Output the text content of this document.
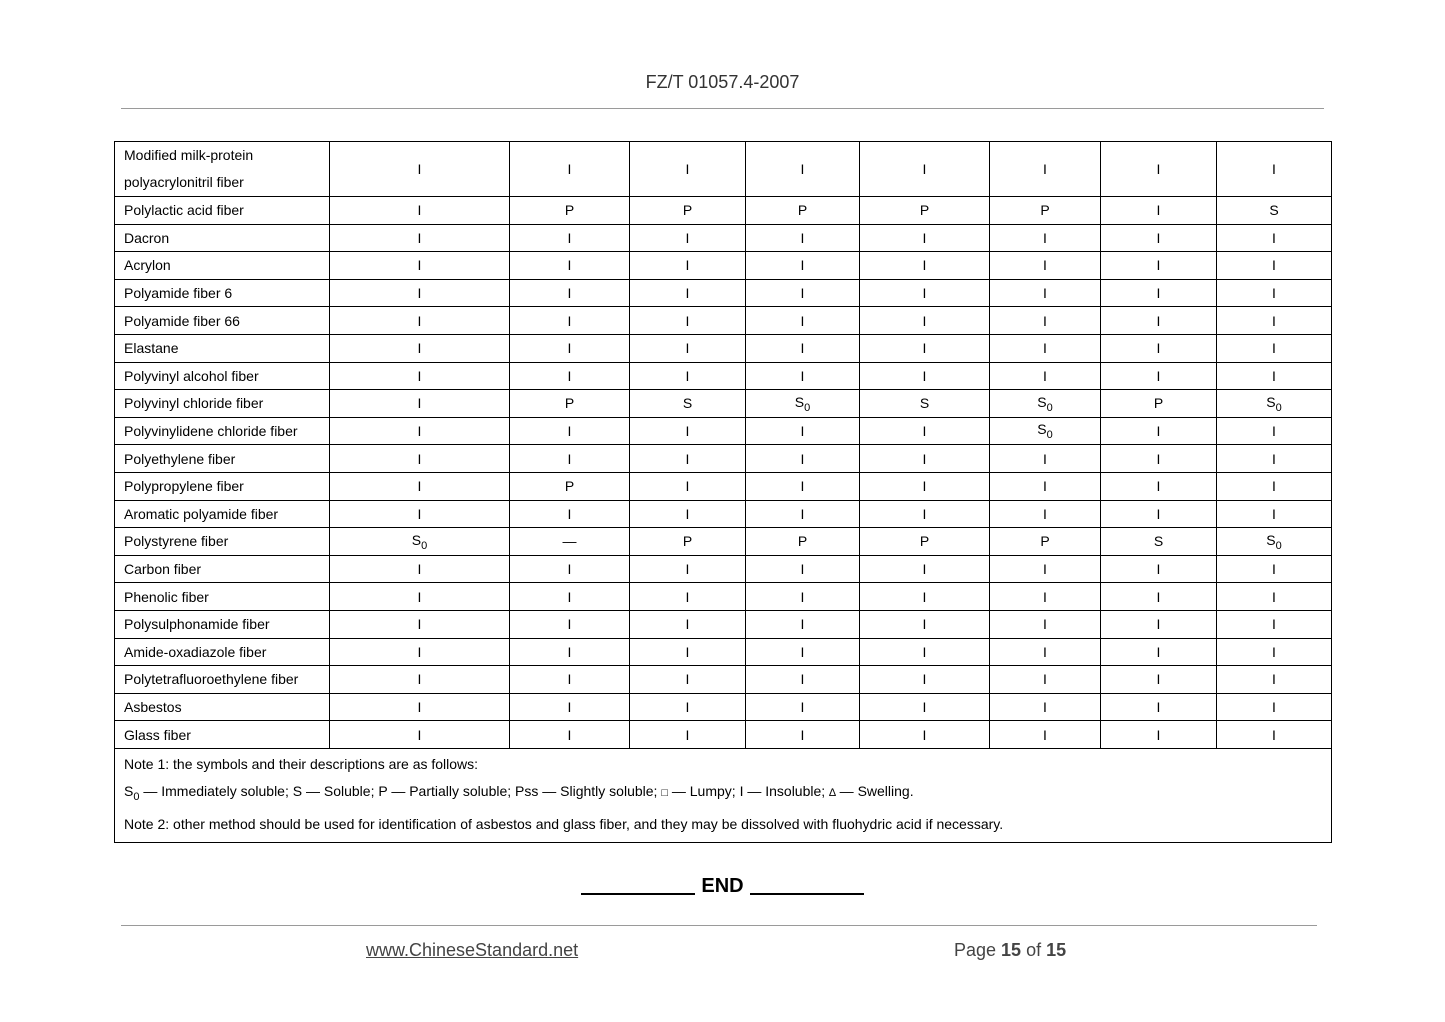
FZ/T 01057.4-2007
Modified milk-protein
polyacrylonitril fiber	I	I	I	I	I	I	I	I
Polylactic acid fiber	I	P	P	P	P	P	I	S
Dacron	I	I	I	I	I	I	I	I
Acrylon	I	I	I	I	I	I	I	I
Polyamide fiber 6	I	I	I	I	I	I	I	I
Polyamide fiber 66	I	I	I	I	I	I	I	I
Elastane	I	I	I	I	I	I	I	I
Polyvinyl alcohol fiber	I	I	I	I	I	I	I	I
Polyvinyl chloride fiber	I	P	S	$S_0$	S	$S_0$	P	$S_0$
Polyvinylidene chloride fiber	I	I	I	I	I	$S_0$	I	I
Polyethylene fiber	I	I	I	I	I	I	I	I
Polypropylene fiber	I	P	I	I	I	I	I	I
Aromatic polyamide fiber	I	I	I	I	I	I	I	I
Polystyrene fiber	$S_0$	—	P	P	P	P	S	$S_0$
Carbon fiber	I	I	I	I	I	I	I	I
Phenolic fiber	I	I	I	I	I	I	I	I
Polysulphonamide fiber	I	I	I	I	I	I	I	I
Amide-oxadiazole fiber	I	I	I	I	I	I	I	I
Polytetrafluoroethylene fiber	I	I	I	I	I	I	I	I
Asbestos	I	I	I	I	I	I	I	I
Glass fiber	I	I	I	I	I	I	I	I

Note 1: the symbols and their descriptions are as follows:
$S_0$ — Immediately soluble; S — Soluble; P — Partially soluble; Pss — Slightly soluble; □ — Lumpy; I — Insoluble; ∆ — Swelling.
Note 2: other method should be used for identification of asbestos and glass fiber, and they may be dissolved with fluohydric acid if necessary.								
END
www.ChineseStandard.net	Page 15 of 15
